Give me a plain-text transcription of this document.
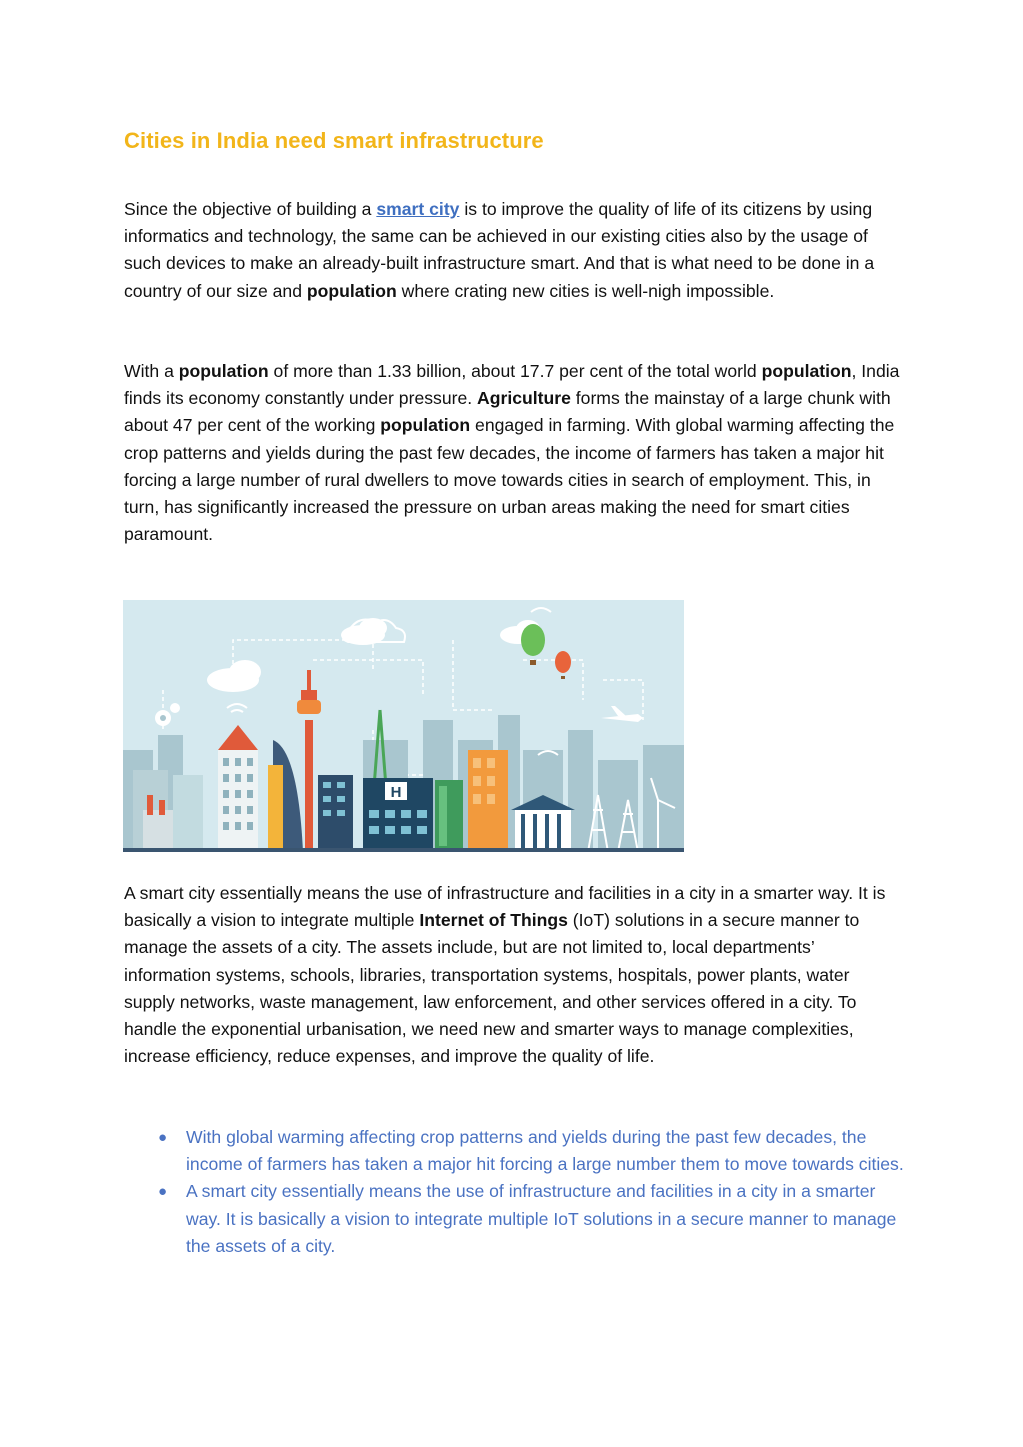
Cities in India need smart infrastructure

Since the objective of building a smart city is to improve the quality of life of its citizens by using informatics and technology, the same can be achieved in our existing cities also by the usage of such devices to make an already-built infrastructure smart. And that is what need to be done in a country of our size and population where crating new cities is well-nigh impossible.

With a population of more than 1.33 billion, about 17.7 per cent of the total world population, India finds its economy constantly under pressure. Agriculture forms the mainstay of a large chunk with about 47 per cent of the working population engaged in farming. With global warming affecting the crop patterns and yields during the past few decades, the income of farmers has taken a major hit forcing a large number of rural dwellers to move towards cities in search of employment. This, in turn, has significantly increased the pressure on urban areas making the need for smart cities paramount.

H

A smart city essentially means the use of infrastructure and facilities in a city in a smarter way. It is basically a vision to integrate multiple Internet of Things (IoT) solutions in a secure manner to manage the assets of a city. The assets include, but are not limited to, local departments’ information systems, schools, libraries, transportation systems, hospitals, power plants, water supply networks, waste management, law enforcement, and other services offered in a city. To handle the exponential urbanisation, we need new and smarter ways to manage complexities, increase efficiency, reduce expenses, and improve the quality of life.

● With global warming affecting crop patterns and yields during the past few decades, the income of farmers has taken a major hit forcing a large number them to move towards cities.
● A smart city essentially means the use of infrastructure and facilities in a city in a smarter way. It is basically a vision to integrate multiple IoT solutions in a secure manner to manage the assets of a city.
